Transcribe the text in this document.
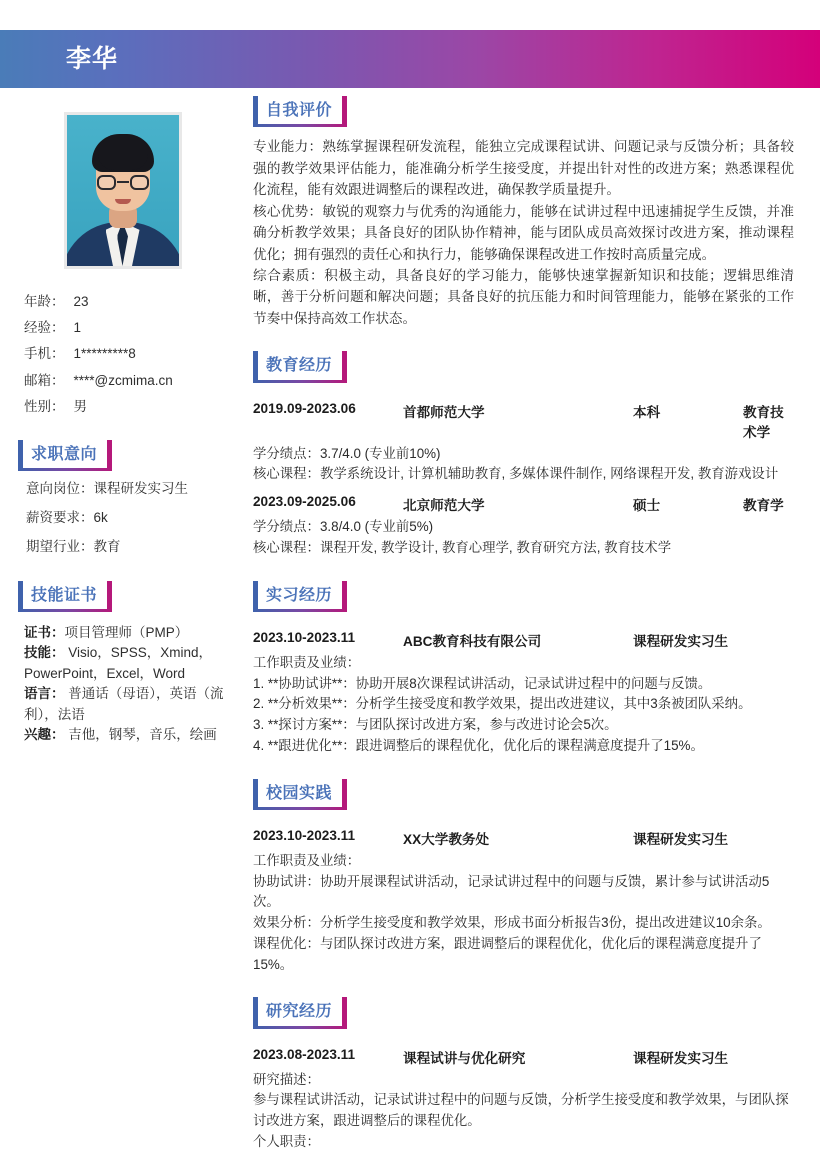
李华
年龄： 23
经验： 1
手机： 1*********8
邮箱： ****@zcmima.cn
性别： 男
求职意向
意向岗位：课程研发实习生
薪资要求：6k
期望行业：教育
技能证书
证书：项目管理师（PMP）
技能： Visio，SPSS，Xmind，PowerPoint，Excel，Word
语言： 普通话（母语），英语（流利），法语
兴趣： 吉他，钢琴，音乐，绘画
自我评价
专业能力：熟练掌握课程研发流程，能独立完成课程试讲、问题记录与反馈分析；具备较强的教学效果评估能力，能准确分析学生接受度，并提出针对性的改进方案；熟悉课程优化流程，能有效跟进调整后的课程改进，确保教学质量提升。
核心优势：敏锐的观察力与优秀的沟通能力，能够在试讲过程中迅速捕捉学生反馈，并准确分析教学效果；具备良好的团队协作精神，能与团队成员高效探讨改进方案，推动课程优化；拥有强烈的责任心和执行力，能够确保课程改进工作按时高质量完成。
综合素质：积极主动，具备良好的学习能力，能够快速掌握新知识和技能；逻辑思维清晰，善于分析问题和解决问题；具备良好的抗压能力和时间管理能力，能够在紧张的工作节奏中保持高效工作状态。
教育经历
2019.09-2023.06	首都师范大学	本科	教育技术学
学分绩点：3.7/4.0 (专业前10%)
核心课程：教学系统设计, 计算机辅助教育, 多媒体课件制作, 网络课程开发, 教育游戏设计
2023.09-2025.06	北京师范大学	硕士	教育学
学分绩点：3.8/4.0 (专业前5%)
核心课程：课程开发, 教学设计, 教育心理学, 教育研究方法, 教育技术学
实习经历
2023.10-2023.11	ABC教育科技有限公司	课程研发实习生
工作职责及业绩：
1. **协助试讲**：协助开展8次课程试讲活动，记录试讲过程中的问题与反馈。
2. **分析效果**：分析学生接受度和教学效果，提出改进建议，其中3条被团队采纳。
3. **探讨方案**：与团队探讨改进方案，参与改进讨论会5次。
4. **跟进优化**：跟进调整后的课程优化，优化后的课程满意度提升了15%。
校园实践
2023.10-2023.11	XX大学教务处	课程研发实习生
工作职责及业绩：
协助试讲：协助开展课程试讲活动，记录试讲过程中的问题与反馈，累计参与试讲活动5次。
效果分析：分析学生接受度和教学效果，形成书面分析报告3份，提出改进建议10余条。
课程优化：与团队探讨改进方案，跟进调整后的课程优化，优化后的课程满意度提升了15%。
研究经历
2023.08-2023.11	课程试讲与优化研究	课程研发实习生
研究描述：
参与课程试讲活动，记录试讲过程中的问题与反馈，分析学生接受度和教学效果，与团队探讨改进方案，跟进调整后的课程优化。
个人职责：
